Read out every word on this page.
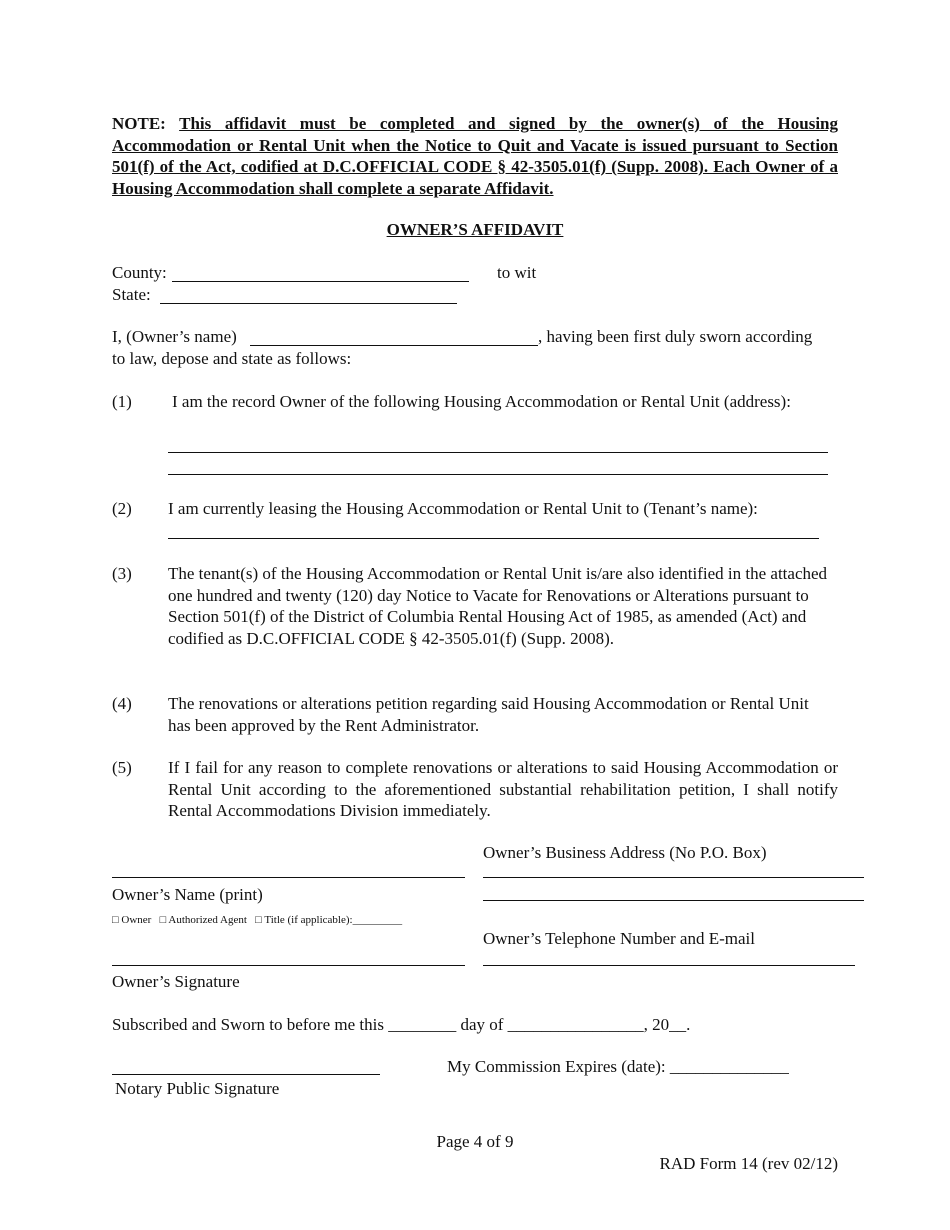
NOTE: This affidavit must be completed and signed by the owner(s) of the Housing Accommodation or Rental Unit when the Notice to Quit and Vacate is issued pursuant to Section 501(f) of the Act, codified at D.C.OFFICIAL CODE § 42-3505.01(f) (Supp. 2008). Each Owner of a Housing Accommodation shall complete a separate Affidavit.
OWNER’S AFFIDAVIT
County:	to wit
State:
I, (Owner’s name)	, having been first duly sworn according
to law, depose and state as follows:
(1) I am the record Owner of the following Housing Accommodation or Rental Unit (address):
(2) I am currently leasing the Housing Accommodation or Rental Unit to (Tenant’s name):
(3) The tenant(s) of the Housing Accommodation or Rental Unit is/are also identified in the attached one hundred and twenty (120) day Notice to Vacate for Renovations or Alterations pursuant to Section 501(f) of the District of Columbia Rental Housing Act of 1985, as amended (Act) and codified as D.C.OFFICIAL CODE § 42-3505.01(f) (Supp. 2008).
(4) The renovations or alterations petition regarding said Housing Accommodation or Rental Unit has been approved by the Rent Administrator.
(5) If I fail for any reason to complete renovations or alterations to said Housing Accommodation or Rental Unit according to the aforementioned substantial rehabilitation petition, I shall notify Rental Accommodations Division immediately.
Owner’s Business Address (No P.O. Box)
Owner’s Name (print)
□ Owner □ Authorized Agent □ Title (if applicable):_________
Owner’s Telephone Number and E-mail
Owner’s Signature
Subscribed and Sworn to before me this ________ day of ________________, 20__.
My Commission Expires (date): ______________
Notary Public Signature
Page 4 of 9
RAD Form 14 (rev 02/12)
